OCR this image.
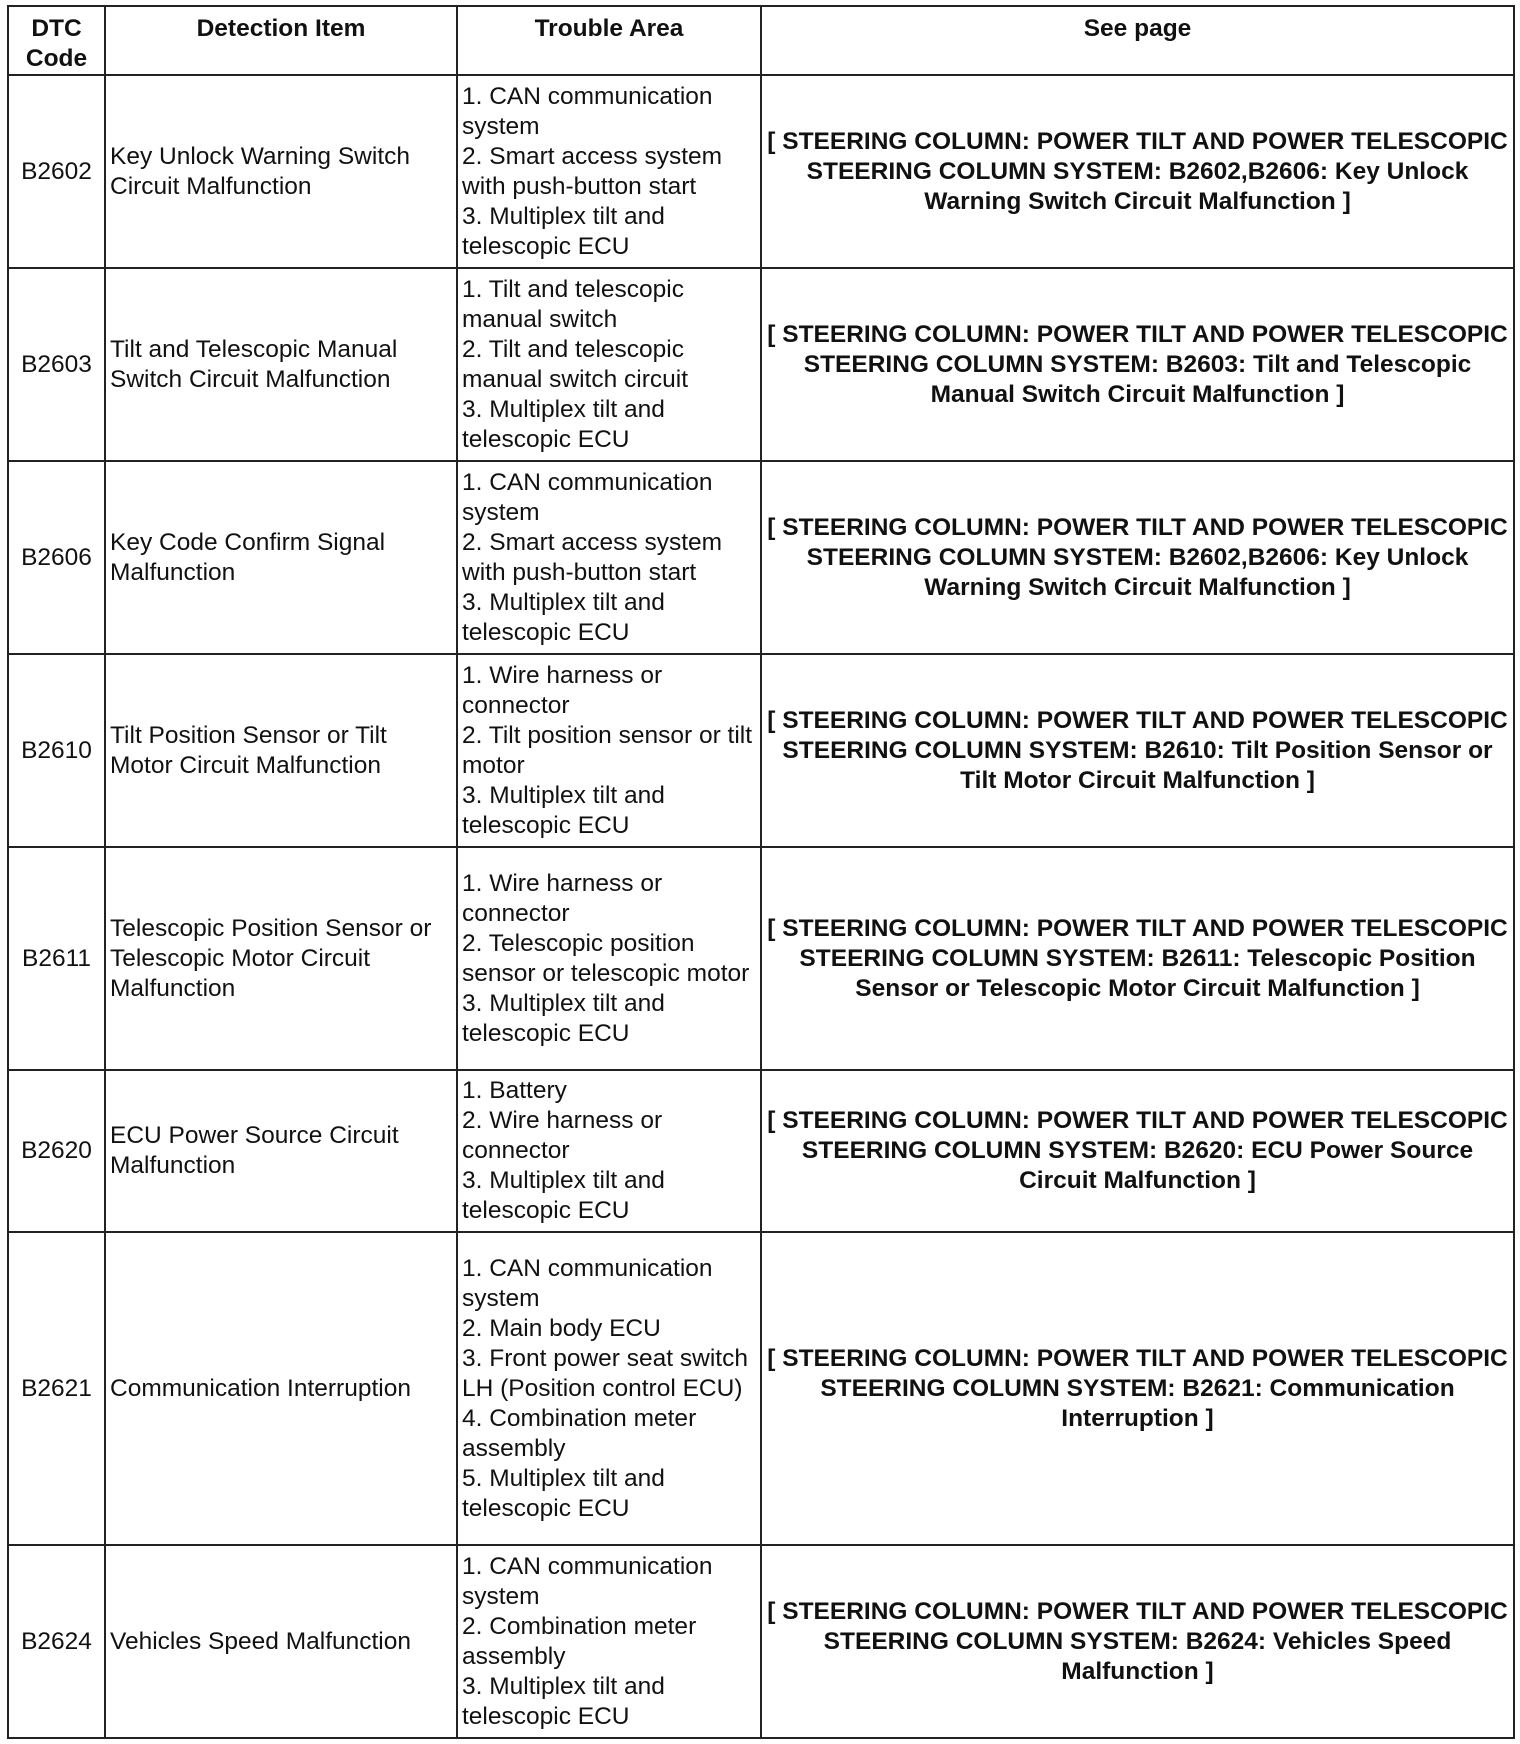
DTC Code	Detection Item	Trouble Area	See page
B2602	Key Unlock Warning Switch Circuit Malfunction	1. CAN communication system
2. Smart access system with push-button start
3. Multiplex tilt and telescopic ECU	[ STEERING COLUMN: POWER TILT AND POWER TELESCOPIC STEERING COLUMN SYSTEM: B2602,B2606: Key Unlock Warning Switch Circuit Malfunction ]
B2603	Tilt and Telescopic Manual Switch Circuit Malfunction	1. Tilt and telescopic manual switch
2. Tilt and telescopic manual switch circuit
3. Multiplex tilt and telescopic ECU	[ STEERING COLUMN: POWER TILT AND POWER TELESCOPIC STEERING COLUMN SYSTEM: B2603: Tilt and Telescopic Manual Switch Circuit Malfunction ]
B2606	Key Code Confirm Signal Malfunction	1. CAN communication system
2. Smart access system with push-button start
3. Multiplex tilt and telescopic ECU	[ STEERING COLUMN: POWER TILT AND POWER TELESCOPIC STEERING COLUMN SYSTEM: B2602,B2606: Key Unlock Warning Switch Circuit Malfunction ]
B2610	Tilt Position Sensor or Tilt Motor Circuit Malfunction	1. Wire harness or connector
2. Tilt position sensor or tilt motor
3. Multiplex tilt and telescopic ECU	[ STEERING COLUMN: POWER TILT AND POWER TELESCOPIC STEERING COLUMN SYSTEM: B2610: Tilt Position Sensor or Tilt Motor Circuit Malfunction ]
B2611	Telescopic Position Sensor or Telescopic Motor Circuit Malfunction	1. Wire harness or connector
2. Telescopic position sensor or telescopic motor
3. Multiplex tilt and telescopic ECU	[ STEERING COLUMN: POWER TILT AND POWER TELESCOPIC STEERING COLUMN SYSTEM: B2611: Telescopic Position Sensor or Telescopic Motor Circuit Malfunction ]
B2620	ECU Power Source Circuit Malfunction	1. Battery
2. Wire harness or connector
3. Multiplex tilt and telescopic ECU	[ STEERING COLUMN: POWER TILT AND POWER TELESCOPIC STEERING COLUMN SYSTEM: B2620: ECU Power Source Circuit Malfunction ]
B2621	Communication Interruption	1. CAN communication system
2. Main body ECU
3. Front power seat switch LH (Position control ECU)
4. Combination meter assembly
5. Multiplex tilt and telescopic ECU	[ STEERING COLUMN: POWER TILT AND POWER TELESCOPIC STEERING COLUMN SYSTEM: B2621: Communication Interruption ]
B2624	Vehicles Speed Malfunction	1. CAN communication system
2. Combination meter assembly
3. Multiplex tilt and telescopic ECU	[ STEERING COLUMN: POWER TILT AND POWER TELESCOPIC STEERING COLUMN SYSTEM: B2624: Vehicles Speed Malfunction ]
